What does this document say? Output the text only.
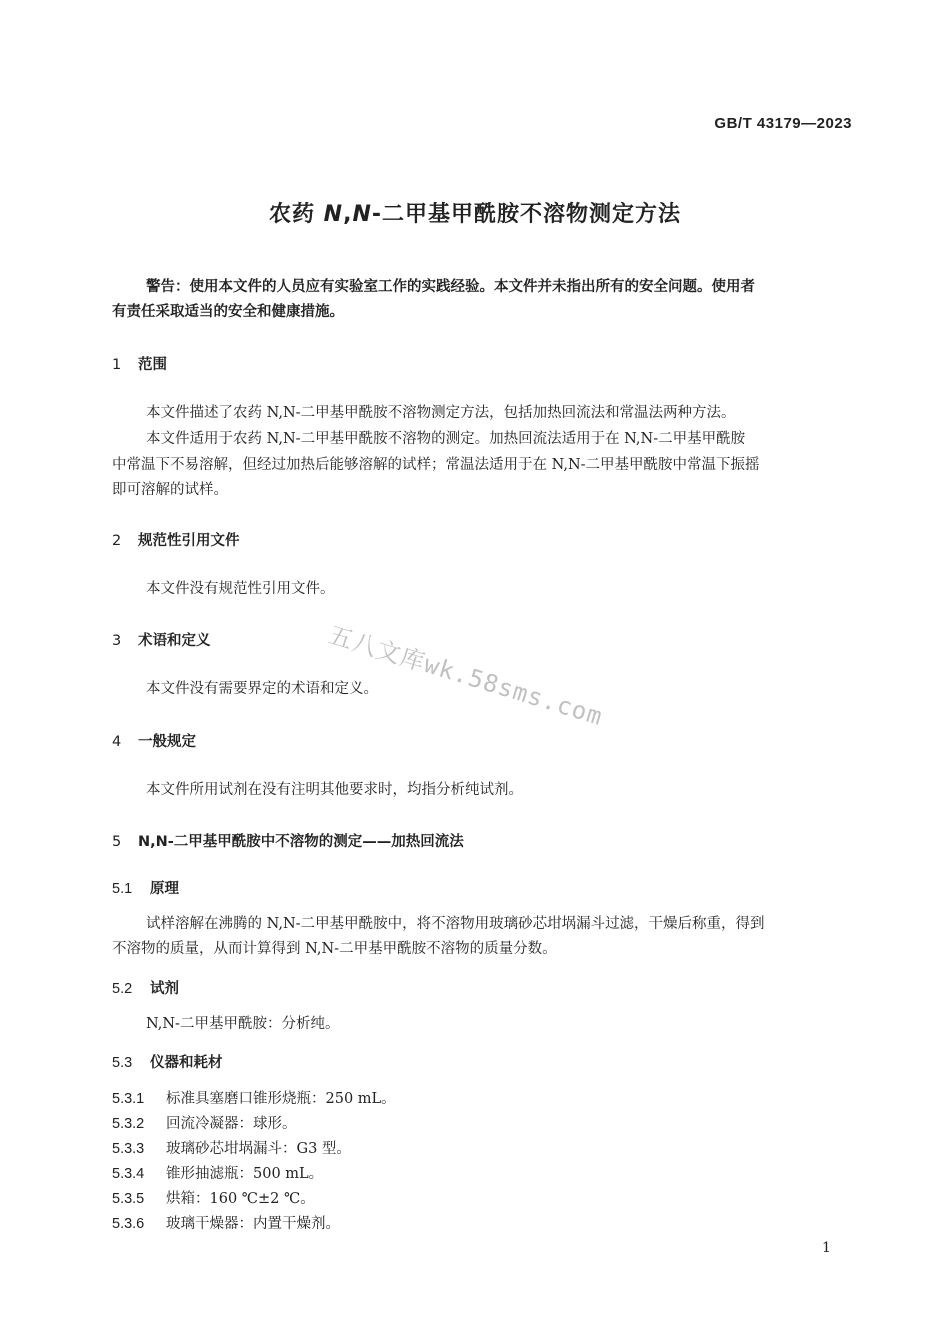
GB/T 43179—2023
农药 N,N-二甲基甲酰胺不溶物测定方法
警告：使用本文件的人员应有实验室工作的实践经验。本文件并未指出所有的安全问题。使用者
有责任采取适当的安全和健康措施。
1 范围
本文件描述了农药 N,N-二甲基甲酰胺不溶物测定方法，包括加热回流法和常温法两种方法。
本文件适用于农药 N,N-二甲基甲酰胺不溶物的测定。加热回流法适用于在 N,N-二甲基甲酰胺
中常温下不易溶解，但经过加热后能够溶解的试样；常温法适用于在 N,N-二甲基甲酰胺中常温下振摇
即可溶解的试样。
2 规范性引用文件
本文件没有规范性引用文件。
3 术语和定义
本文件没有需要界定的术语和定义。
4 一般规定
本文件所用试剂在没有注明其他要求时，均指分析纯试剂。
5 N,N-二甲基甲酰胺中不溶物的测定——加热回流法
5.1 原理
试样溶解在沸腾的 N,N-二甲基甲酰胺中，将不溶物用玻璃砂芯坩埚漏斗过滤，干燥后称重，得到
不溶物的质量，从而计算得到 N,N-二甲基甲酰胺不溶物的质量分数。
5.2 试剂
N,N-二甲基甲酰胺：分析纯。
5.3 仪器和耗材
5.3.1 标准具塞磨口锥形烧瓶：250 mL。
5.3.2 回流冷凝器：球形。
5.3.3 玻璃砂芯坩埚漏斗：G3 型。
5.3.4 锥形抽滤瓶：500 mL。
5.3.5 烘箱：160 ℃±2 ℃。
5.3.6 玻璃干燥器：内置干燥剂。
五八文库wk.58sms.com
1
